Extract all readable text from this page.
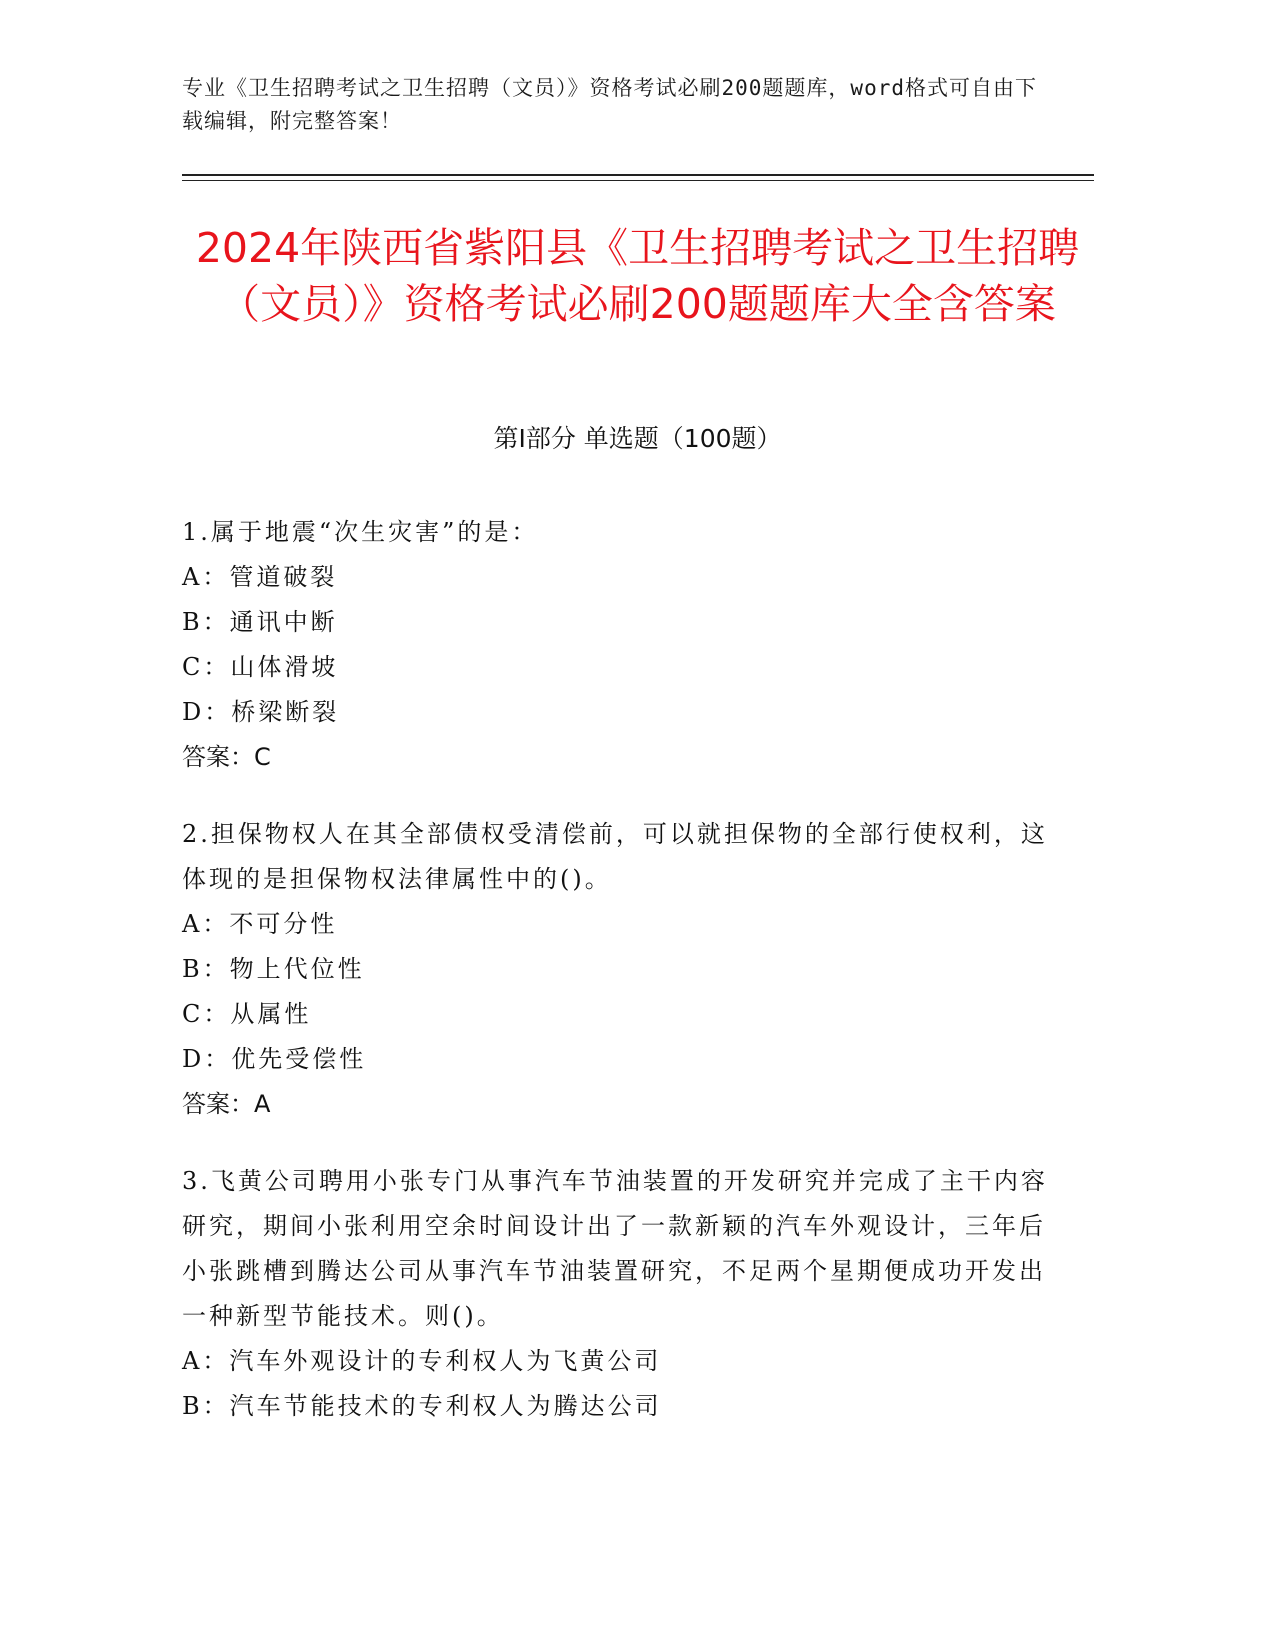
专业《卫生招聘考试之卫生招聘（文员）》资格考试必刷200题题库，word格式可自由下载编辑，附完整答案！
2024年陕西省紫阳县《卫生招聘考试之卫生招聘（文员）》资格考试必刷200题题库大全含答案
第Ⅰ部分 单选题（100题）

1.属于地震“次生灾害”的是：

A：管道破裂

B：通讯中断

C：山体滑坡

D：桥梁断裂

答案：C

2.担保物权人在其全部债权受清偿前，可以就担保物的全部行使权利，这体现的是担保物权法律属性中的()。

A：不可分性

B：物上代位性

C：从属性

D：优先受偿性

答案：A

3.飞黄公司聘用小张专门从事汽车节油装置的开发研究并完成了主干内容研究，期间小张利用空余时间设计出了一款新颖的汽车外观设计，三年后小张跳槽到腾达公司从事汽车节油装置研究，不足两个星期便成功开发出一种新型节能技术。则()。

A：汽车外观设计的专利权人为飞黄公司

B：汽车节能技术的专利权人为腾达公司
